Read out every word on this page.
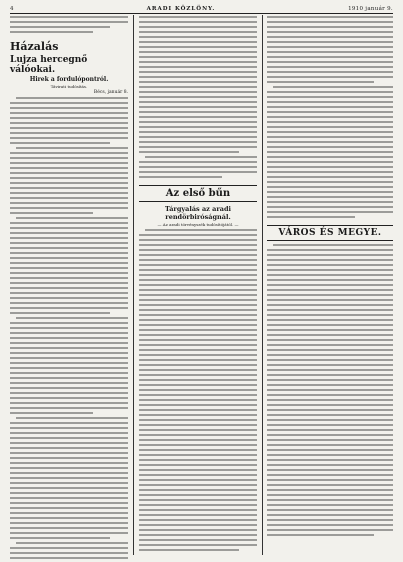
4	ARADI KÖZLÖNY.	1910 január 9.
Házalás
Lujza hercegnő válóokai.
Hirek a fordulópontról.
Távirati tudósítás.
Bécs, január 8.
Az első bűn
Tárgyalás az aradi rendörbiróságnál.
— Az aradi törvényszék tudósítójától. —
VÁROS ÉS MEGYE.
